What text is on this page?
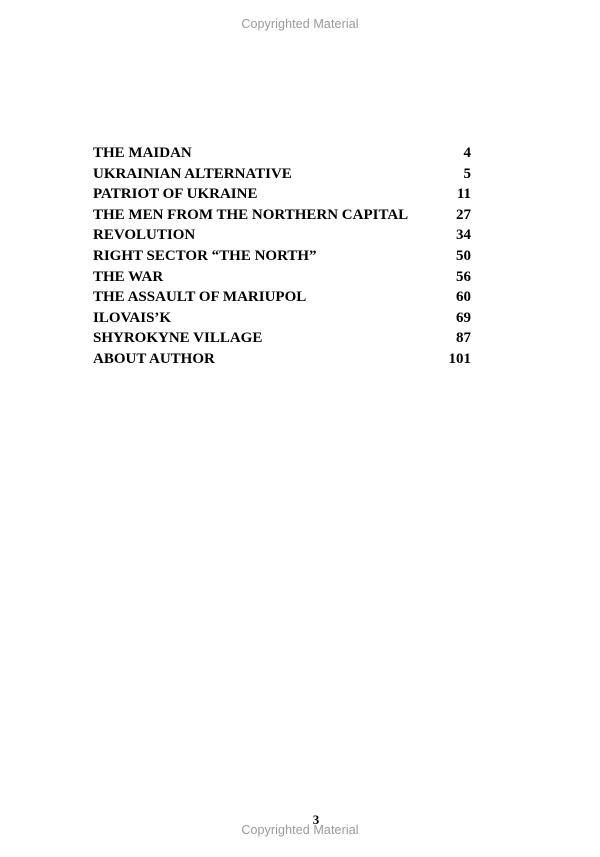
Copyrighted Material
THE MAIDAN	4
UKRAINIAN ALTERNATIVE	5
PATRIOT OF UKRAINE	11
THE MEN FROM THE NORTHERN CAPITAL	27
REVOLUTION	34
RIGHT SECTOR “THE NORTH”	50
THE WAR	56
THE ASSAULT OF MARIUPOL	60
ILOVAIS’K	69
SHYROKYNE VILLAGE	87
ABOUT AUTHOR	101
3
Copyrighted Material
